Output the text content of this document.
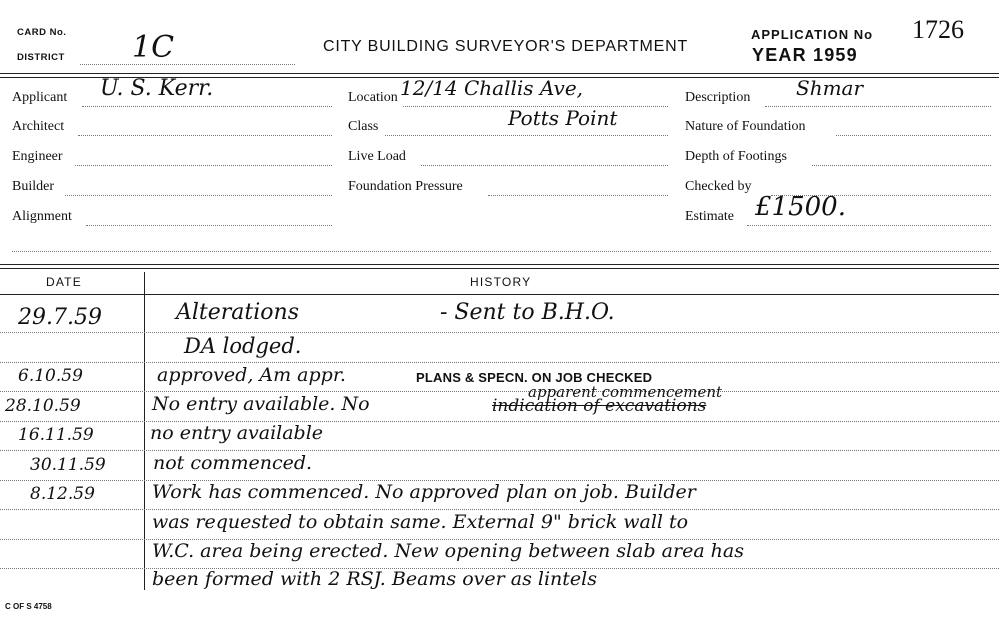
CARD No.
DISTRICT 1C	CITY BUILDING SURVEYOR'S DEPARTMENT
APPLICATION No 1726
YEAR 1959
Applicant U. S. Kerr.
Architect
Engineer
Builder
Alignment
Location 12/14 Challis Ave,
Class	Potts Point
Live Load
Foundation Pressure
Description Shmar
Nature of Foundation
Depth of Footings
Checked by
Estimate £1500.
DATE	HISTORY
29.7.59	Alterations	- Sent to B.H.O.
DA lodged.
6.10.59	approved, Am appr.	PLANS & SPECN. ON JOB CHECKED
28.10.59	No entry available. No
apparent commencement
indication of excavations
16.11.59	no entry available
30.11.59 not commenced.
8.12.59	Work has commenced. No approved plan on job. Builder
was requested to obtain same. External 9" brick wall to
W.C. area being erected. New opening between slab area has
been formed with 2 RSJ. Beams over as lintels
C OF S 4758
